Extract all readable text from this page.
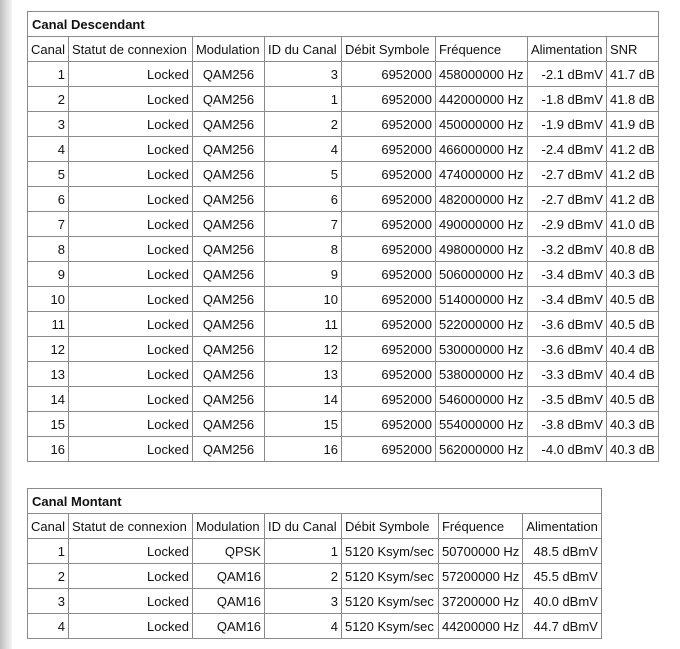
Canal Descendant							
Canal	Statut de connexion	Modulation	ID du Canal	Débit Symbole	Fréquence	Alimentation	SNR
1	Locked	QAM256	3	6952000	458000000 Hz	-2.1 dBmV	41.7 dB
2	Locked	QAM256	1	6952000	442000000 Hz	-1.8 dBmV	41.8 dB
3	Locked	QAM256	2	6952000	450000000 Hz	-1.9 dBmV	41.9 dB
4	Locked	QAM256	4	6952000	466000000 Hz	-2.4 dBmV	41.2 dB
5	Locked	QAM256	5	6952000	474000000 Hz	-2.7 dBmV	41.2 dB
6	Locked	QAM256	6	6952000	482000000 Hz	-2.7 dBmV	41.2 dB
7	Locked	QAM256	7	6952000	490000000 Hz	-2.9 dBmV	41.0 dB
8	Locked	QAM256	8	6952000	498000000 Hz	-3.2 dBmV	40.8 dB
9	Locked	QAM256	9	6952000	506000000 Hz	-3.4 dBmV	40.3 dB
10	Locked	QAM256	10	6952000	514000000 Hz	-3.4 dBmV	40.5 dB
11	Locked	QAM256	11	6952000	522000000 Hz	-3.6 dBmV	40.5 dB
12	Locked	QAM256	12	6952000	530000000 Hz	-3.6 dBmV	40.4 dB
13	Locked	QAM256	13	6952000	538000000 Hz	-3.3 dBmV	40.4 dB
14	Locked	QAM256	14	6952000	546000000 Hz	-3.5 dBmV	40.5 dB
15	Locked	QAM256	15	6952000	554000000 Hz	-3.8 dBmV	40.3 dB
16	Locked	QAM256	16	6952000	562000000 Hz	-4.0 dBmV	40.3 dB
Canal Montant						
Canal	Statut de connexion	Modulation	ID du Canal	Débit Symbole	Fréquence	Alimentation
1	Locked	QPSK	1	5120 Ksym/sec	50700000 Hz	48.5 dBmV
2	Locked	QAM16	2	5120 Ksym/sec	57200000 Hz	45.5 dBmV
3	Locked	QAM16	3	5120 Ksym/sec	37200000 Hz	40.0 dBmV
4	Locked	QAM16	4	5120 Ksym/sec	44200000 Hz	44.7 dBmV
